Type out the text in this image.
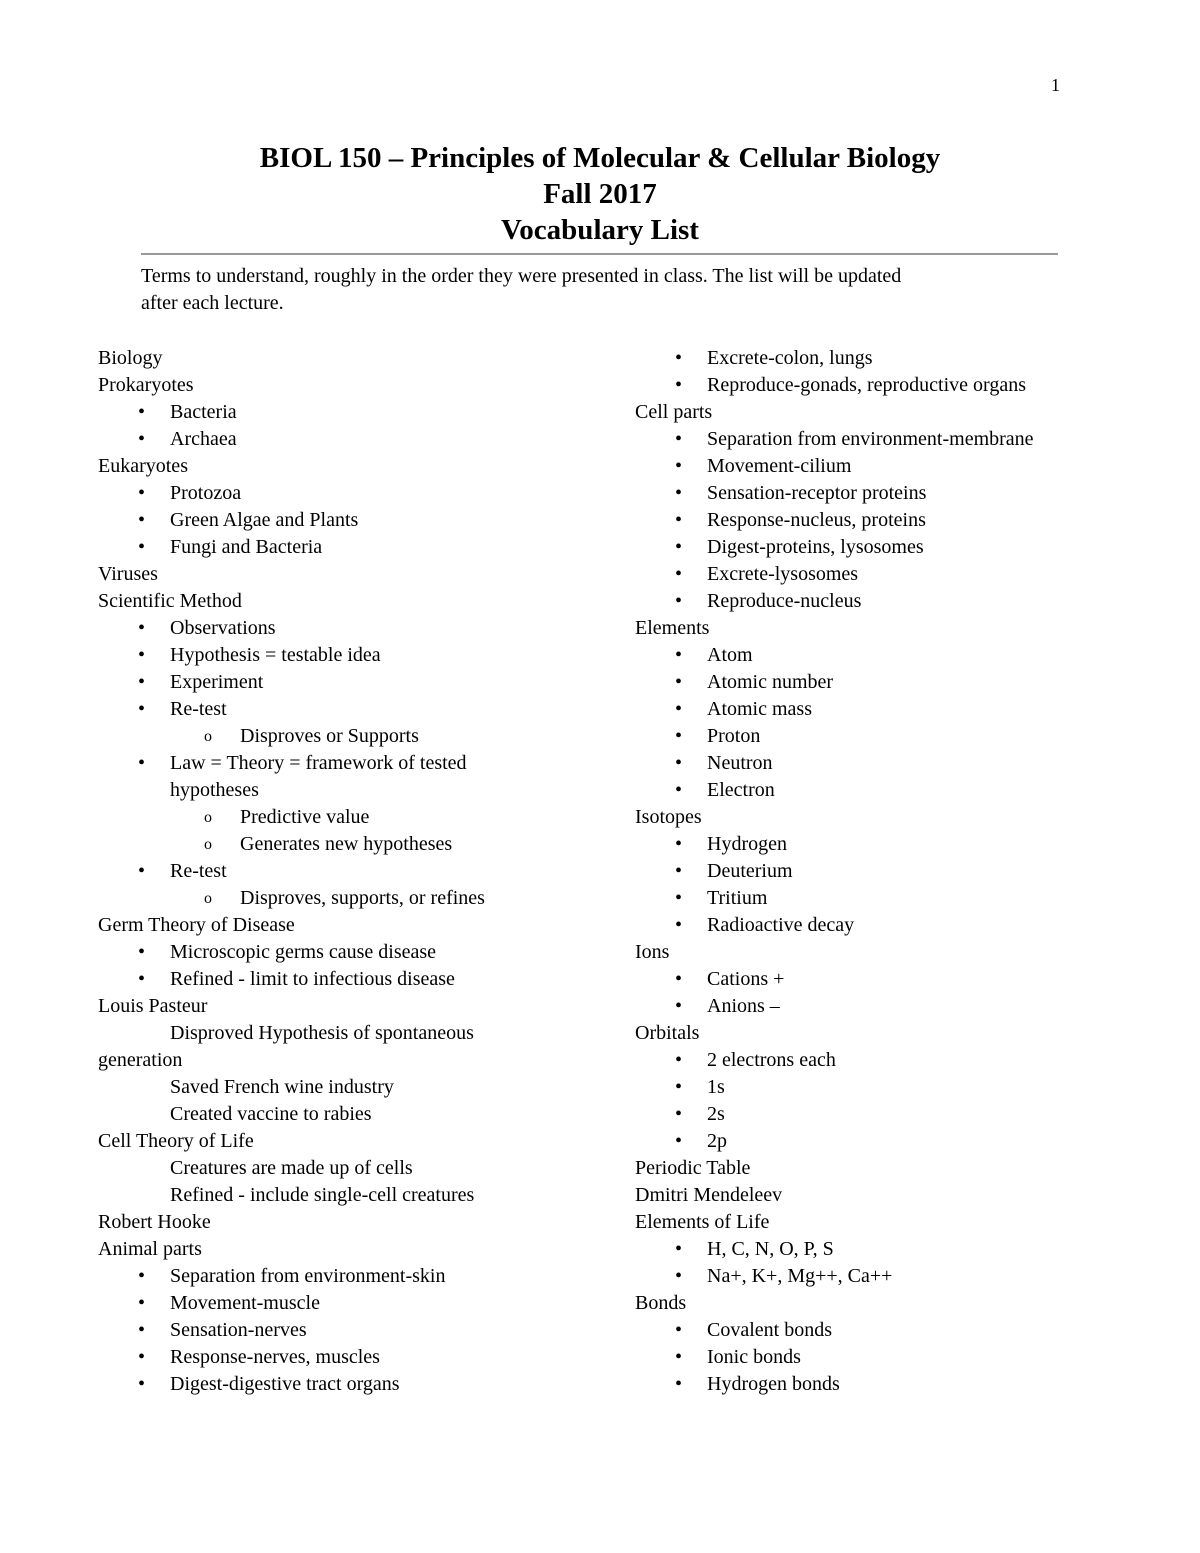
1
BIOL 150 – Principles of Molecular & Cellular Biology
Fall 2017
Vocabulary List
Terms to understand, roughly in the order they were presented in class. The list will be updated
after each lecture.
Biology
Prokaryotes
• Bacteria
• Archaea
Eukaryotes
• Protozoa
• Green Algae and Plants
• Fungi and Bacteria
Viruses
Scientific Method
• Observations
• Hypothesis = testable idea
• Experiment
• Re-test
o Disproves or Supports
• Law = Theory = framework of tested
hypotheses
o Predictive value
o Generates new hypotheses
• Re-test
o Disproves, supports, or refines
Germ Theory of Disease
• Microscopic germs cause disease
• Refined - limit to infectious disease
Louis Pasteur
Disproved Hypothesis of spontaneous
generation
Saved French wine industry
Created vaccine to rabies
Cell Theory of Life
Creatures are made up of cells
Refined - include single-cell creatures
Robert Hooke
Animal parts
• Separation from environment-skin
• Movement-muscle
• Sensation-nerves
• Response-nerves, muscles
• Digest-digestive tract organs
• Excrete-colon, lungs
• Reproduce-gonads, reproductive organs
Cell parts
• Separation from environment-membrane
• Movement-cilium
• Sensation-receptor proteins
• Response-nucleus, proteins
• Digest-proteins, lysosomes
• Excrete-lysosomes
• Reproduce-nucleus
Elements
• Atom
• Atomic number
• Atomic mass
• Proton
• Neutron
• Electron
Isotopes
• Hydrogen
• Deuterium
• Tritium
• Radioactive decay
Ions
• Cations +
• Anions –
Orbitals
• 2 electrons each
• 1s
• 2s
• 2p
Periodic Table
Dmitri Mendeleev
Elements of Life
• H, C, N, O, P, S
• Na+, K+, Mg++, Ca++
Bonds
• Covalent bonds
• Ionic bonds
• Hydrogen bonds
